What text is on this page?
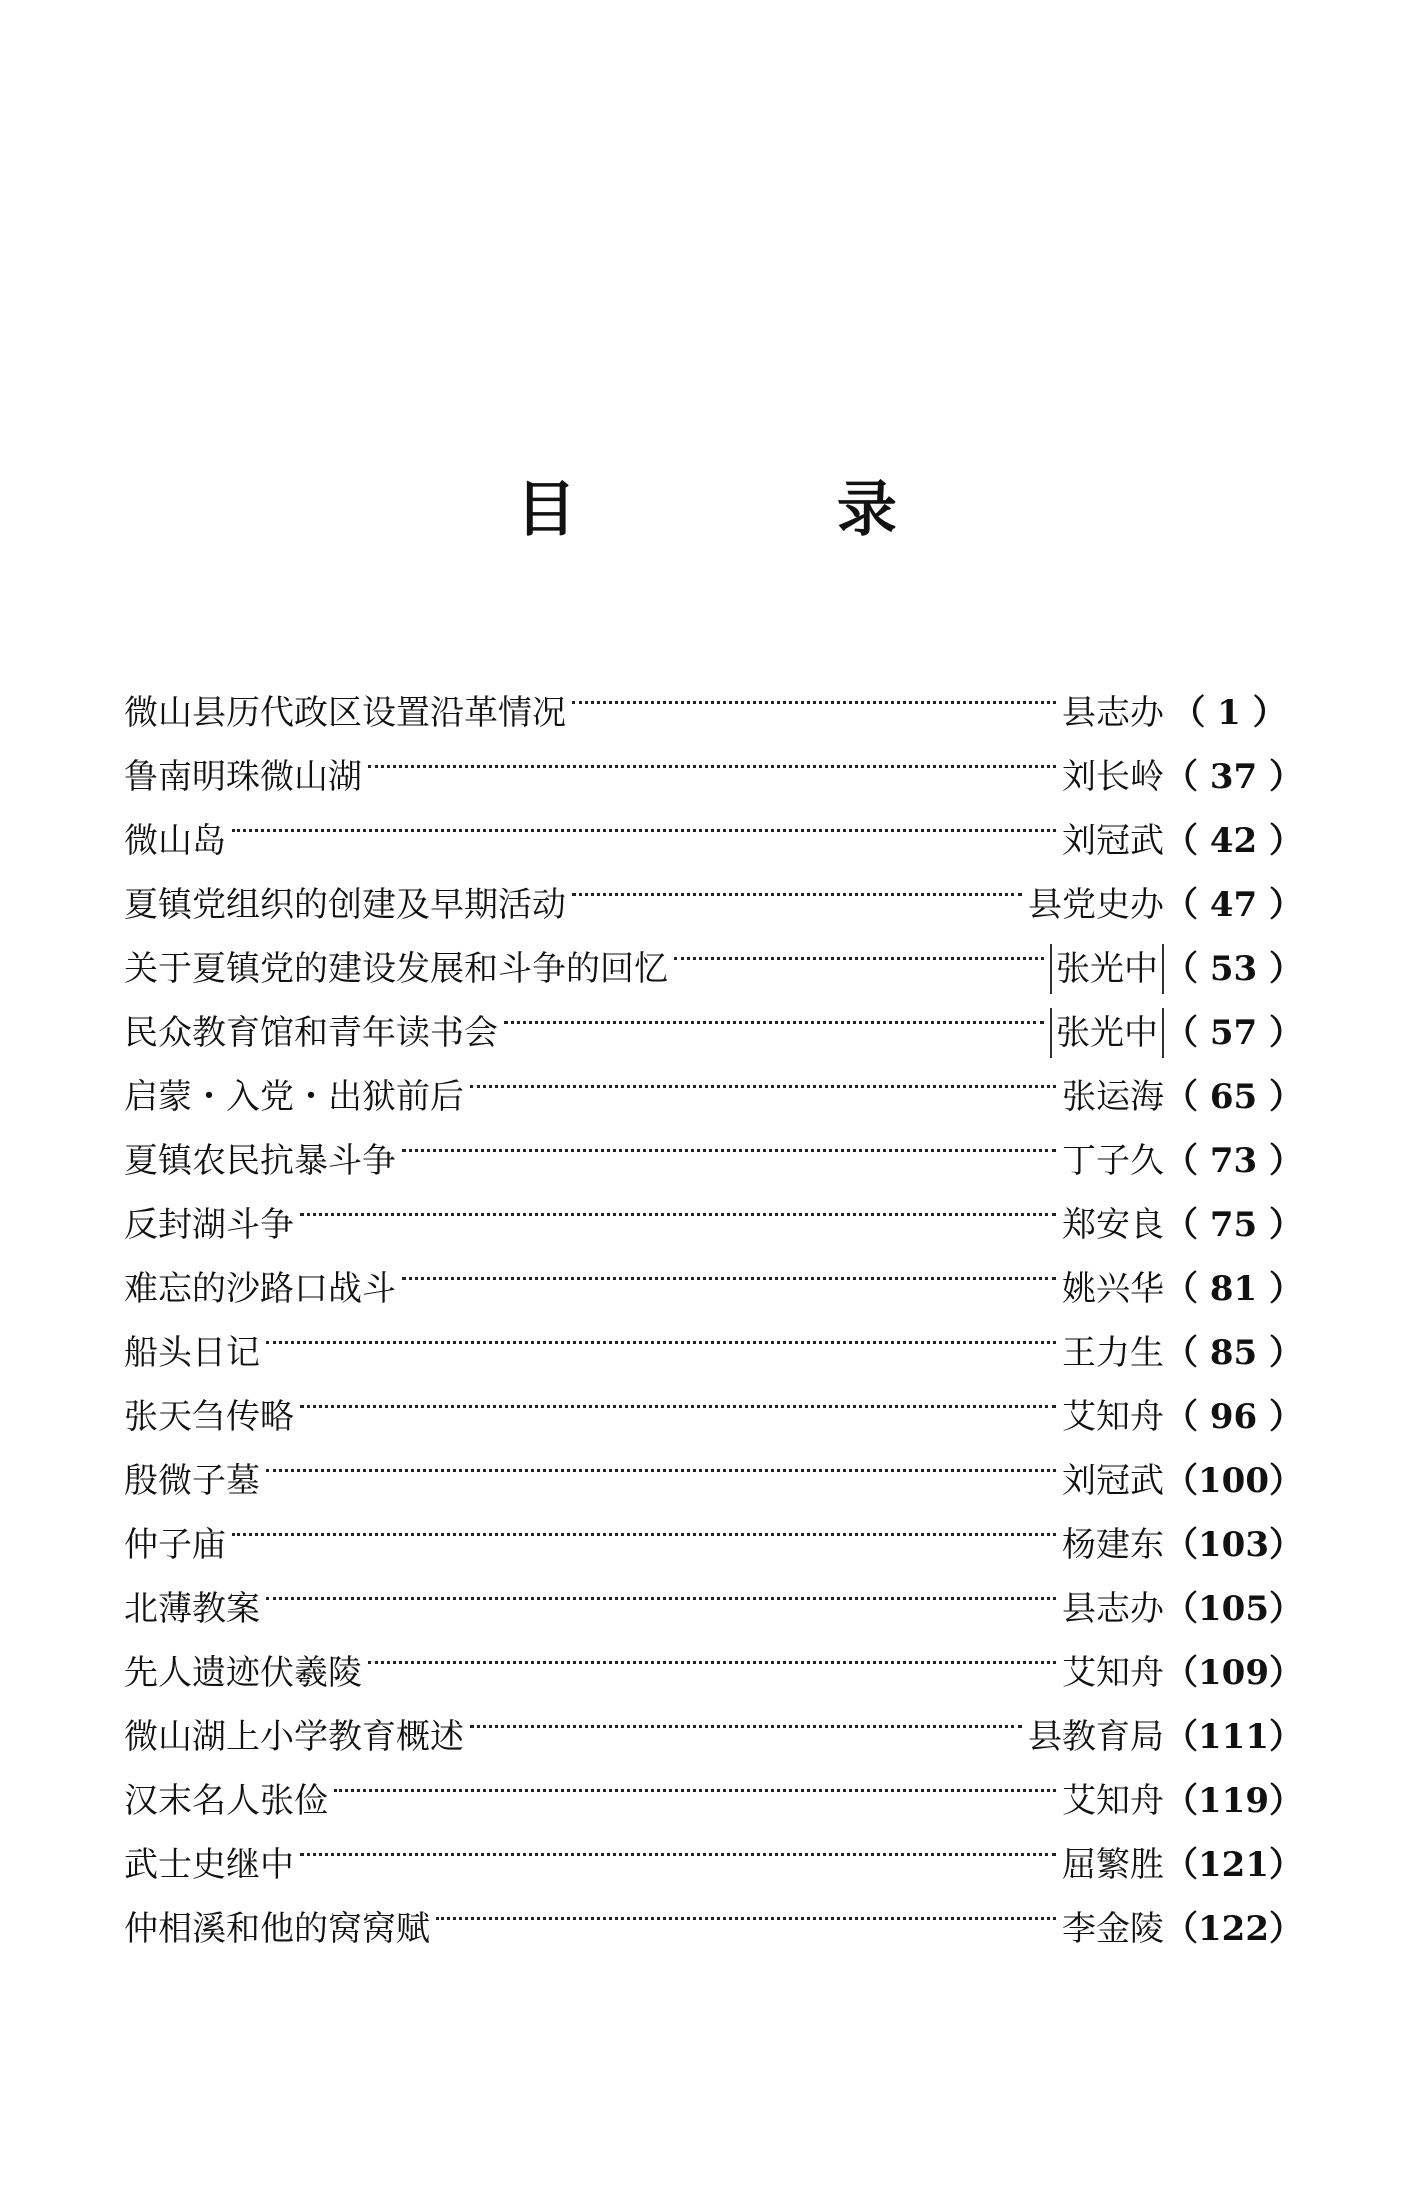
目 录
微山县历代政区设置沿革情况	县志办 （ 1 ）
鲁南明珠微山湖	刘长岭 （ 37 ）
微山岛	刘冠武 （ 42 ）
夏镇党组织的创建及早期活动	县党史办 （ 47 ）
关于夏镇党的建设发展和斗争的回忆	张光中 （ 53 ）
民众教育馆和青年读书会	张光中 （ 57 ）
启蒙・入党・出狱前后	张运海 （ 65 ）
夏镇农民抗暴斗争	丁子久 （ 73 ）
反封湖斗争	郑安良 （ 75 ）
难忘的沙路口战斗	姚兴华 （ 81 ）
船头日记	王力生 （ 85 ）
张天刍传略	艾知舟 （ 96 ）
殷微子墓	刘冠武 （100）
仲子庙	杨建东 （103）
北薄教案	县志办 （105）
先人遗迹伏羲陵	艾知舟 （109）
微山湖上小学教育概述	县教育局 （111）
汉末名人张俭	艾知舟 （119）
武士史继中	屈繁胜 （121）
仲相溪和他的窝窝赋	李金陵 （122）
